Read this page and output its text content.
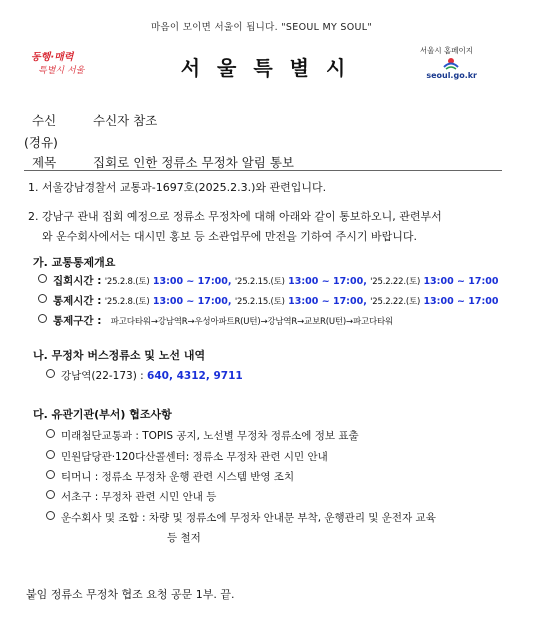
마음이 모이면 서울이 됩니다. "SEOUL MY SOUL"
동행·매력
특별시 서울	서울특별시
서울시 홈페이지
seoul.go.kr
수신	수신자 참조
(경유)
제목	집회로 인한 정류소 무정차 알림 통보
1. 서울강남경찰서 교통과-1697호(2025.2.3.)와 관련입니다.
2. 강남구 관내 집회 예정으로 정류소 무정차에 대해 아래와 같이 통보하오니, 관련부서
와 운수회사에서는 대시민 홍보 등 소관업무에 만전을 기하여 주시기 바랍니다.
가. 교통통제개요
집회시간 : '25.2.8.(토) 13:00 ~ 17:00, '25.2.15.(토) 13:00 ~ 17:00, '25.2.22.(토) 13:00 ~ 17:00
통제시간 : '25.2.8.(토) 13:00 ~ 17:00, '25.2.15.(토) 13:00 ~ 17:00, '25.2.22.(토) 13:00 ~ 17:00
통제구간 : 파고다타워→강남역R→우성아파트R(U턴)→강남역R→교보R(U턴)→파고다타워
나. 무정차 버스정류소 및 노선 내역
강남역(22-173) : 640, 4312, 9711
다. 유관기관(부서) 협조사항
미래첨단교통과 : TOPIS 공지, 노선별 무정차 정류소에 정보 표출
민원담당관·120다산콜센터: 정류소 무정차 관련 시민 안내
티머니 : 정류소 무정차 운행 관련 시스템 반영 조치
서초구 : 무정차 관련 시민 안내 등
운수회사 및 조합 : 차량 및 정류소에 무정차 안내문 부착, 운행관리 및 운전자 교육
등 철저
붙임 정류소 무정차 협조 요청 공문 1부. 끝.
